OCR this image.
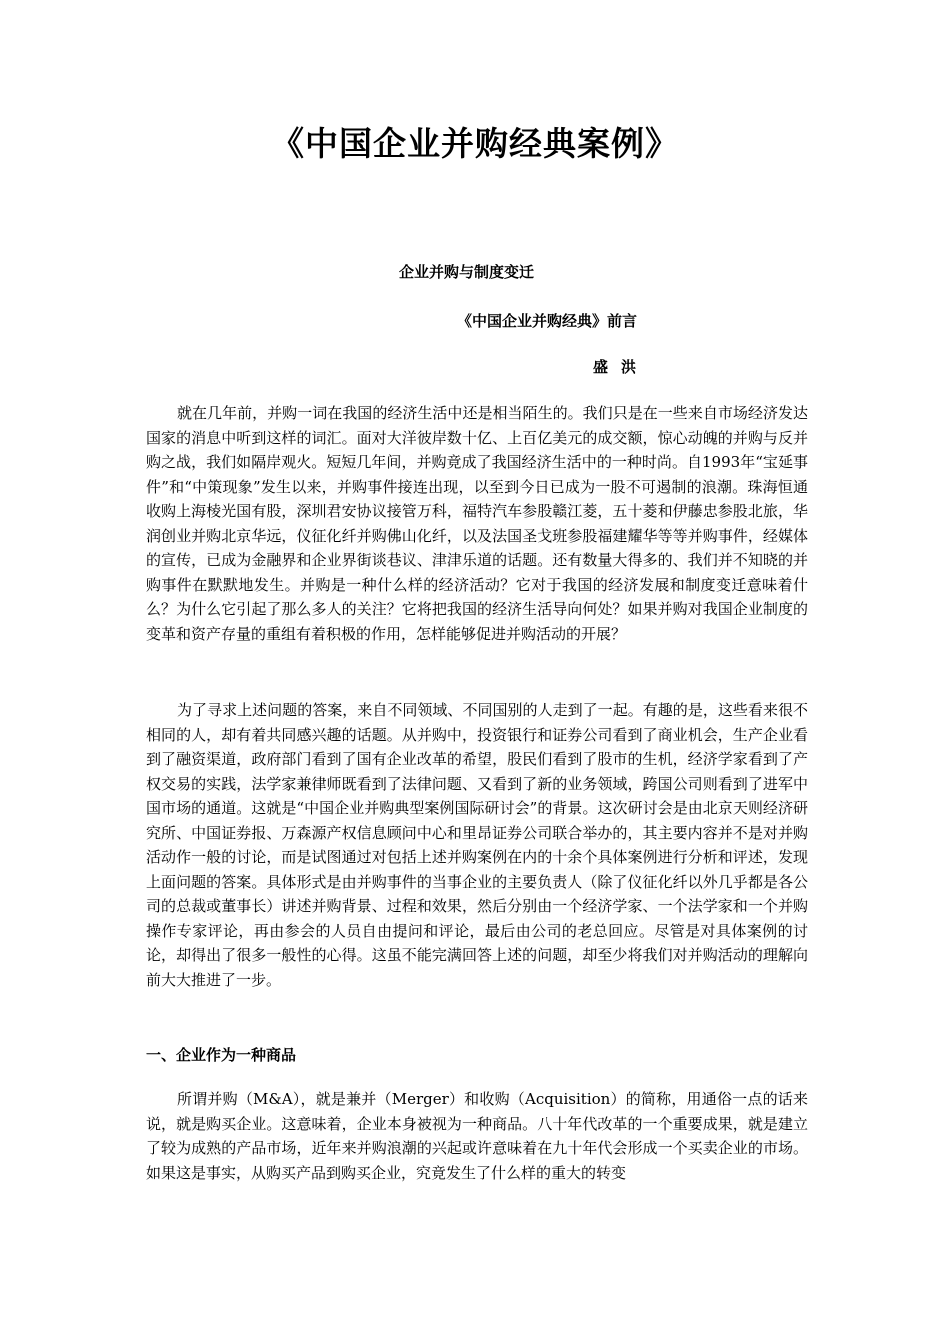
《中国企业并购经典案例》
企业并购与制度变迁
《中国企业并购经典》前言
盛洪

就在几年前，并购一词在我国的经济生活中还是相当陌生的。我们只是在一些来自市场经济发达国家的消息中听到这样的词汇。面对大洋彼岸数十亿、上百亿美元的成交额，惊心动魄的并购与反并购之战，我们如隔岸观火。短短几年间，并购竟成了我国经济生活中的一种时尚。自1993年“宝延事件”和“中策现象”发生以来，并购事件接连出现，以至到今日已成为一股不可遏制的浪潮。珠海恒通收购上海棱光国有股，深圳君安协议接管万科，福特汽车参股赣江菱，五十菱和伊藤忠参股北旅，华润创业并购北京华远，仪征化纤并购佛山化纤，以及法国圣戈班参股福建耀华等等并购事件，经媒体的宣传，已成为金融界和企业界街谈巷议、津津乐道的话题。还有数量大得多的、我们并不知晓的并购事件在默默地发生。并购是一种什么样的经济活动？它对于我国的经济发展和制度变迁意味着什么？为什么它引起了那么多人的关注？它将把我国的经济生活导向何处？如果并购对我国企业制度的变革和资产存量的重组有着积极的作用，怎样能够促进并购活动的开展？

为了寻求上述问题的答案，来自不同领域、不同国别的人走到了一起。有趣的是，这些看来很不相同的人，却有着共同感兴趣的话题。从并购中，投资银行和证券公司看到了商业机会，生产企业看到了融资渠道，政府部门看到了国有企业改革的希望，股民们看到了股市的生机，经济学家看到了产权交易的实践，法学家兼律师既看到了法律问题、又看到了新的业务领域，跨国公司则看到了进军中国市场的通道。这就是“中国企业并购典型案例国际研讨会”的背景。这次研讨会是由北京天则经济研究所、中国证券报、万森源产权信息顾问中心和里昂证券公司联合举办的，其主要内容并不是对并购活动作一般的讨论，而是试图通过对包括上述并购案例在内的十余个具体案例进行分析和评述，发现上面问题的答案。具体形式是由并购事件的当事企业的主要负责人（除了仪征化纤以外几乎都是各公司的总裁或董事长）讲述并购背景、过程和效果，然后分别由一个经济学家、一个法学家和一个并购操作专家评论，再由参会的人员自由提问和评论，最后由公司的老总回应。尽管是对具体案例的讨论，却得出了很多一般性的心得。这虽不能完满回答上述的问题，却至少将我们对并购活动的理解向前大大推进了一步。

一、企业作为一种商品

所谓并购（M&A），就是兼并（Merger）和收购（Acquisition）的简称，用通俗一点的话来说，就是购买企业。这意味着，企业本身被视为一种商品。八十年代改革的一个重要成果，就是建立了较为成熟的产品市场，近年来并购浪潮的兴起或许意味着在九十年代会形成一个买卖企业的市场。如果这是事实，从购买产品到购买企业，究竟发生了什么样的重大的转变
